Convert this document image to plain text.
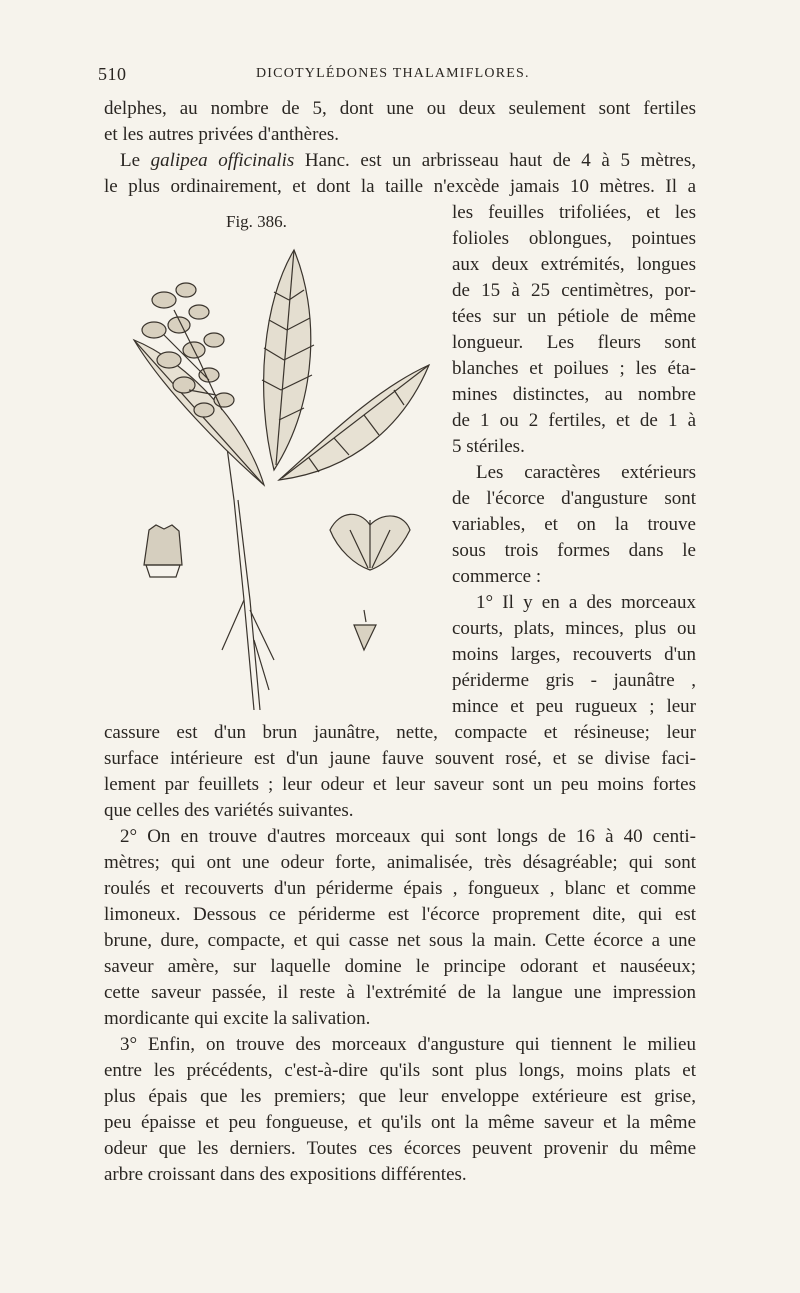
510	DICOTYLÉDONES THALAMIFLORES.
delphes, au nombre de 5, dont une ou deux seulement sont fertiles
et les autres privées d'anthères.
Le galipea officinalis Hanc. est un arbrisseau haut de 4 à 5 mètres,
le plus ordinairement, et dont la taille n'excède jamais 10 mètres. Il a
Fig. 386.	les feuilles trifoliées, et les
folioles oblongues, pointues
aux deux extrémités, longues
de 15 à 25 centimètres, por-
tées sur un pétiole de même
longueur. Les fleurs sont
blanches et poilues ; les éta-
mines distinctes, au nombre
de 1 ou 2 fertiles, et de 1 à
5 stériles.
Les caractères extérieurs
de l'écorce d'angusture sont
variables, et on la trouve
sous trois formes dans le
commerce :
1° Il y en a des morceaux
courts, plats, minces, plus ou
moins larges, recouverts d'un
périderme gris - jaunâtre ,
mince et peu rugueux ; leur
cassure est d'un brun jaunâtre, nette, compacte et résineuse; leur
surface intérieure est d'un jaune fauve souvent rosé, et se divise faci-
lement par feuillets ; leur odeur et leur saveur sont un peu moins fortes
que celles des variétés suivantes.
2° On en trouve d'autres morceaux qui sont longs de 16 à 40 centi-
mètres; qui ont une odeur forte, animalisée, très désagréable; qui sont
roulés et recouverts d'un périderme épais , fongueux , blanc et comme
limoneux. Dessous ce périderme est l'écorce proprement dite, qui est
brune, dure, compacte, et qui casse net sous la main. Cette écorce a une
saveur amère, sur laquelle domine le principe odorant et nauséeux;
cette saveur passée, il reste à l'extrémité de la langue une impression
mordicante qui excite la salivation.
3° Enfin, on trouve des morceaux d'angusture qui tiennent le milieu
entre les précédents, c'est-à-dire qu'ils sont plus longs, moins plats et
plus épais que les premiers; que leur enveloppe extérieure est grise,
peu épaisse et peu fongueuse, et qu'ils ont la même saveur et la même
odeur que les derniers. Toutes ces écorces peuvent provenir du même
arbre croissant dans des expositions différentes.
